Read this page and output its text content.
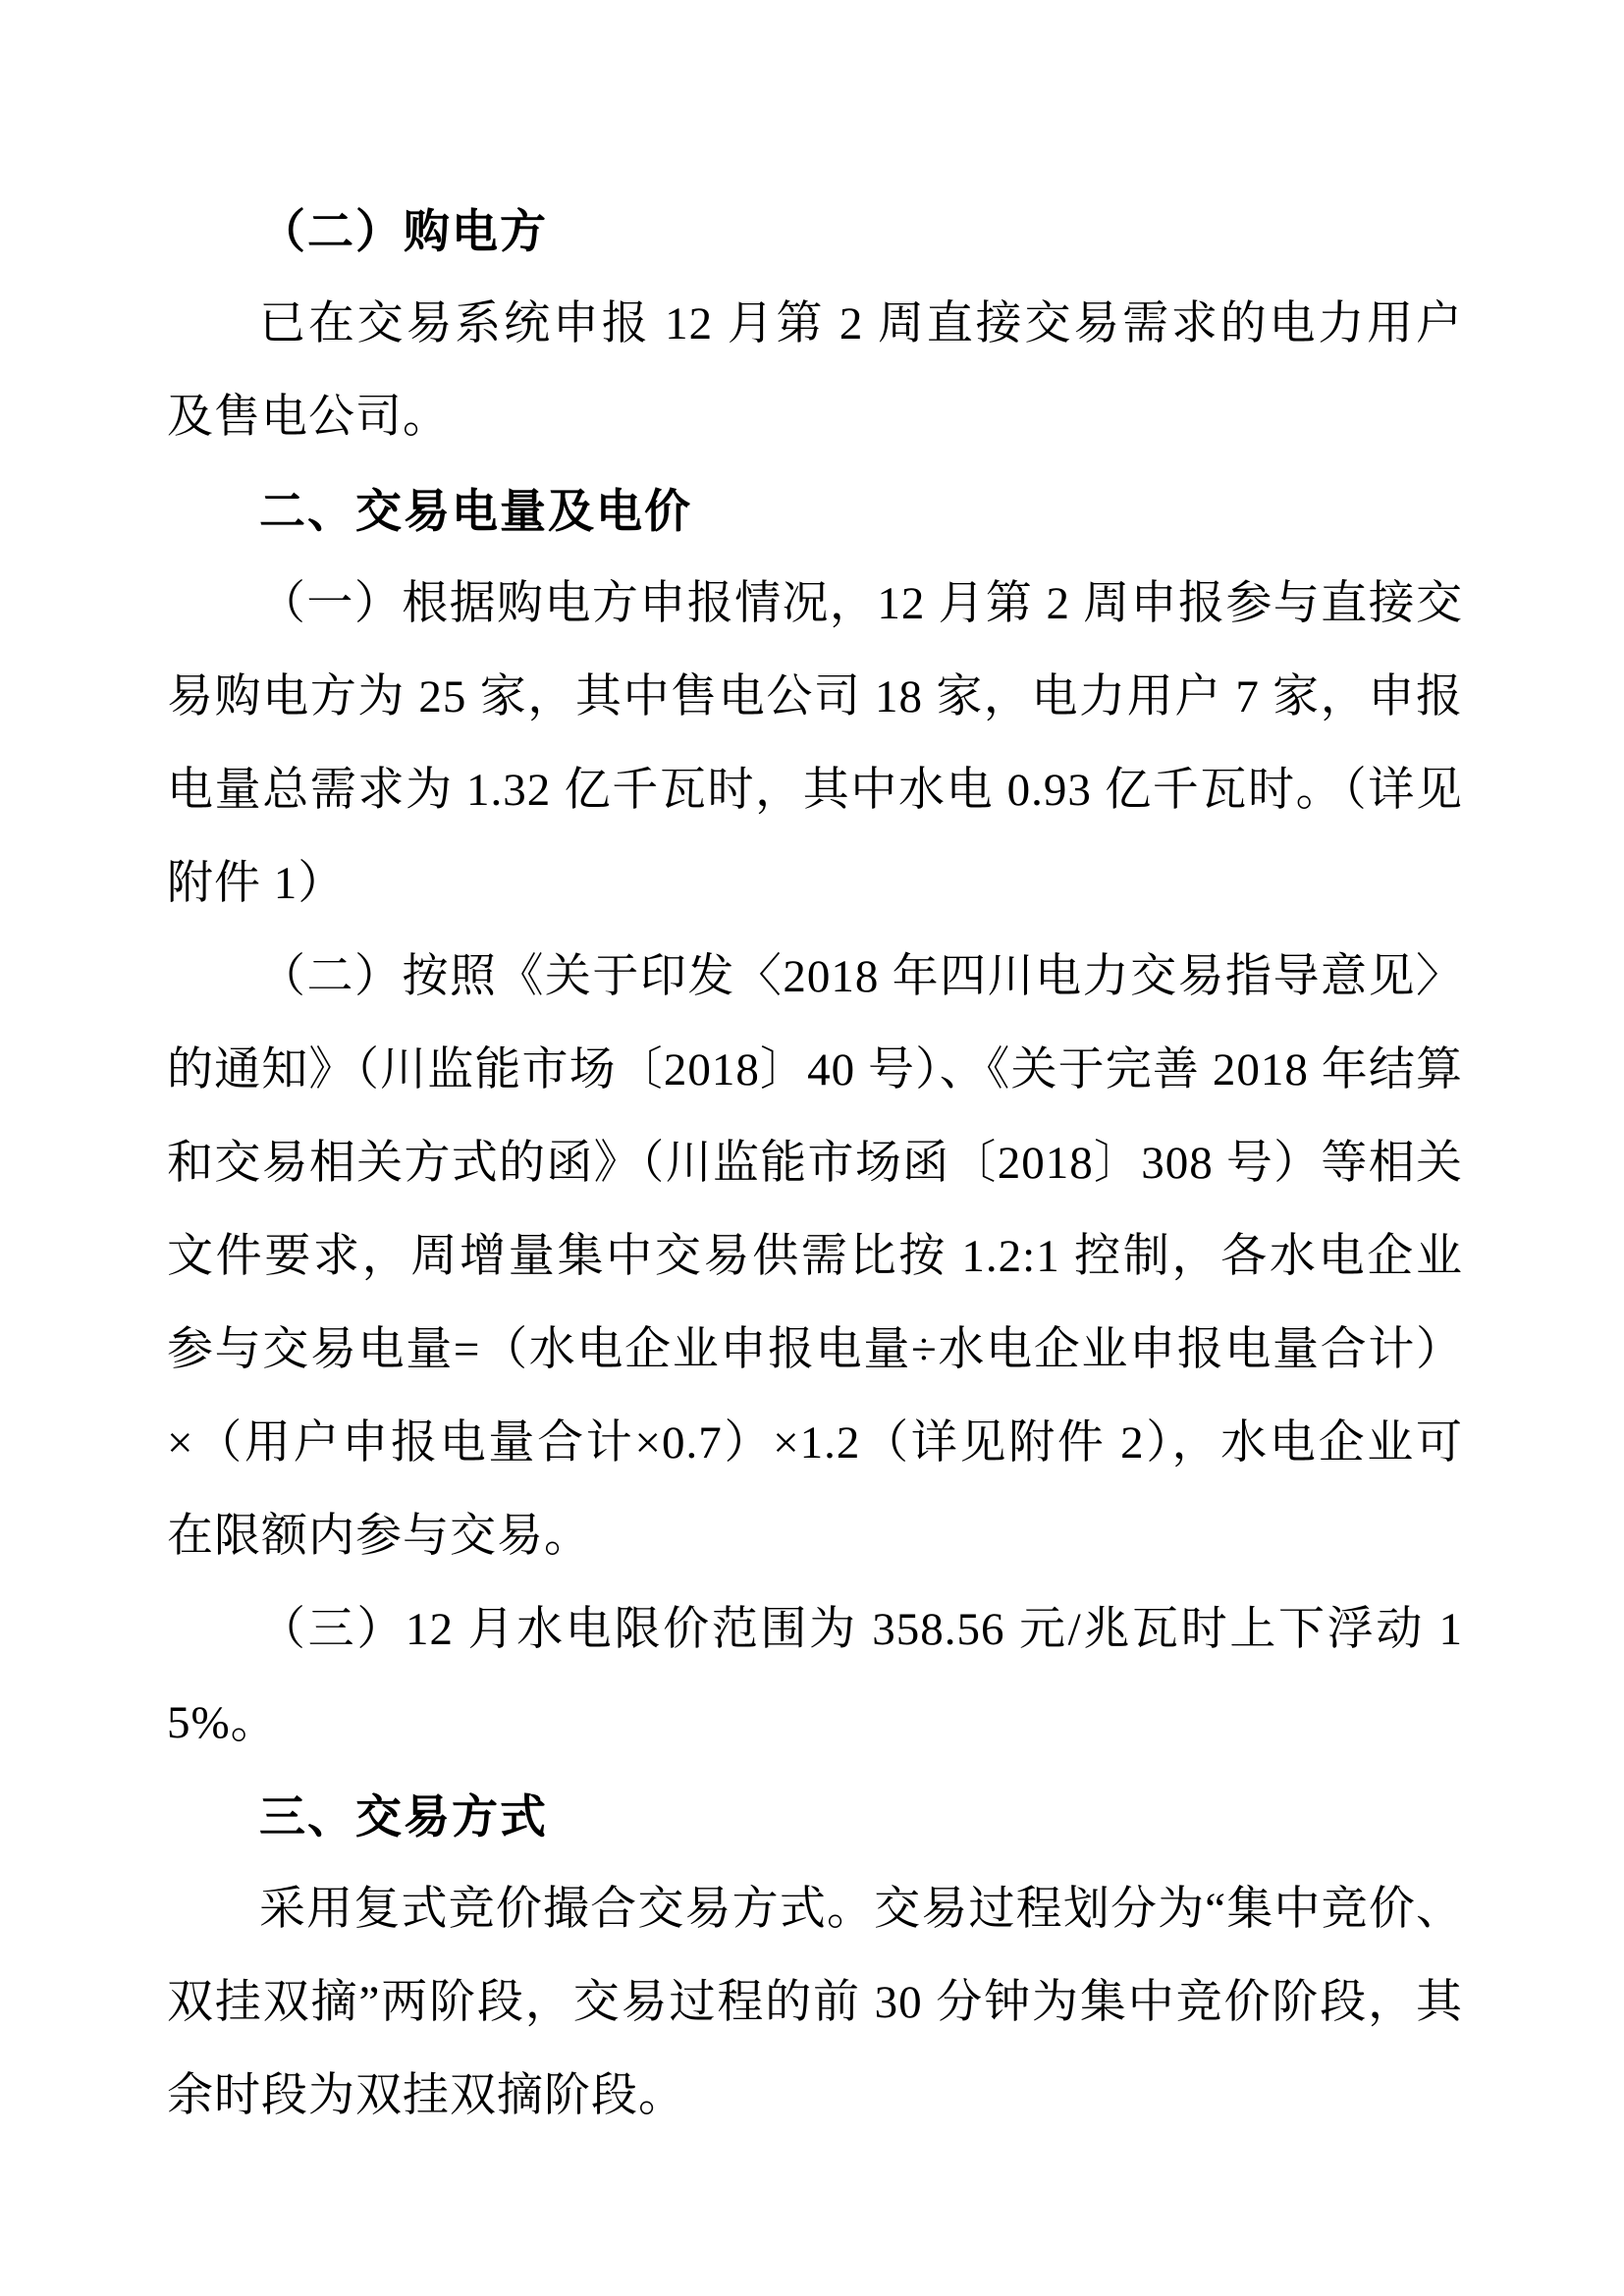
（二）购电方

已在交易系统申报 12 月第 2 周直接交易需求的电力用户及售电公司。

二、交易电量及电价

（一）根据购电方申报情况，12 月第 2 周申报参与直接交易购电方为 25 家，其中售电公司 18 家，电力用户 7 家，申报电量总需求为 1.32 亿千瓦时，其中水电 0.93 亿千瓦时。（详见附件 1）

（二）按照《关于印发〈2018 年四川电力交易指导意见〉的通知》（川监能市场〔2018〕40 号）、《关于完善 2018 年结算和交易相关方式的函》（川监能市场函〔2018〕308 号）等相关文件要求，周增量集中交易供需比按 1.2:1 控制，各水电企业参与交易电量=（水电企业申报电量÷水电企业申报电量合计）×（用户申报电量合计×0.7）×1.2（详见附件 2），水电企业可在限额内参与交易。

（三）12 月水电限价范围为 358.56 元/兆瓦时上下浮动 15%。

三、交易方式

采用复式竞价撮合交易方式。交易过程划分为“集中竞价、双挂双摘”两阶段，交易过程的前 30 分钟为集中竞价阶段，其余时段为双挂双摘阶段。
